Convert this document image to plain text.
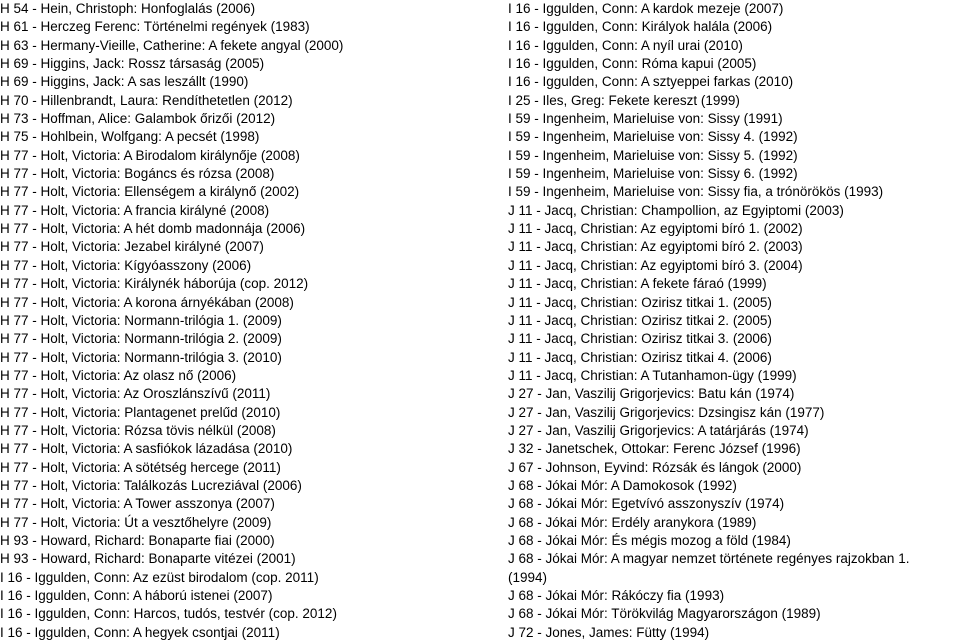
H 54 - Hein, Christoph: Honfoglalás (2006)
H 61 - Herczeg Ferenc: Történelmi regények (1983)
H 63 - Hermany-Vieille, Catherine: A fekete angyal (2000)
H 69 - Higgins, Jack: Rossz társaság (2005)
H 69 - Higgins, Jack: A sas leszállt (1990)
H 70 - Hillenbrandt, Laura: Rendíthetetlen (2012)
H 73 - Hoffman, Alice: Galambok őrizői (2012)
H 75 - Hohlbein, Wolfgang: A pecsét (1998)
H 77 - Holt, Victoria: A Birodalom királynője (2008)
H 77 - Holt, Victoria: Bogáncs és rózsa (2008)
H 77 - Holt, Victoria: Ellenségem a királynő (2002)
H 77 - Holt, Victoria: A francia királyné (2008)
H 77 - Holt, Victoria: A hét domb madonnája (2006)
H 77 - Holt, Victoria: Jezabel királyné (2007)
H 77 - Holt, Victoria: Kígyóasszony (2006)
H 77 - Holt, Victoria: Királynék háborúja (cop. 2012)
H 77 - Holt, Victoria: A korona árnyékában (2008)
H 77 - Holt, Victoria: Normann-trilógia 1. (2009)
H 77 - Holt, Victoria: Normann-trilógia 2. (2009)
H 77 - Holt, Victoria: Normann-trilógia 3. (2010)
H 77 - Holt, Victoria: Az olasz nő (2006)
H 77 - Holt, Victoria: Az Oroszlánszívű (2011)
H 77 - Holt, Victoria: Plantagenet prelűd (2010)
H 77 - Holt, Victoria: Rózsa tövis nélkül (2008)
H 77 - Holt, Victoria: A sasfiókok lázadása (2010)
H 77 - Holt, Victoria: A sötétség hercege (2011)
H 77 - Holt, Victoria: Találkozás Lucreziával (2006)
H 77 - Holt, Victoria: A Tower asszonya (2007)
H 77 - Holt, Victoria: Út a vesztőhelyre (2009)
H 93 - Howard, Richard: Bonaparte fiai (2000)
H 93 - Howard, Richard: Bonaparte vitézei (2001)
I 16 - Iggulden, Conn: Az ezüst birodalom (cop. 2011)
I 16 - Iggulden, Conn: A háború istenei (2007)
I 16 - Iggulden, Conn: Harcos, tudós, testvér (cop. 2012)
I 16 - Iggulden, Conn: A hegyek csontjai (2011)
I 16 - Iggulden, Conn: A kardok mezeje (2007)
I 16 - Iggulden, Conn: Királyok halála (2006)
I 16 - Iggulden, Conn: A nyíl urai (2010)
I 16 - Iggulden, Conn: Róma kapui (2005)
I 16 - Iggulden, Conn: A sztyeppei farkas (2010)
I 25 - Iles, Greg: Fekete kereszt (1999)
I 59 - Ingenheim, Marieluise von: Sissy (1991)
I 59 - Ingenheim, Marieluise von: Sissy 4. (1992)
I 59 - Ingenheim, Marieluise von: Sissy 5. (1992)
I 59 - Ingenheim, Marieluise von: Sissy 6. (1992)
I 59 - Ingenheim, Marieluise von: Sissy fia, a trónörökös (1993)
J 11 - Jacq, Christian: Champollion, az Egyiptomi (2003)
J 11 - Jacq, Christian: Az egyiptomi bíró 1. (2002)
J 11 - Jacq, Christian: Az egyiptomi bíró 2. (2003)
J 11 - Jacq, Christian: Az egyiptomi bíró 3. (2004)
J 11 - Jacq, Christian: A fekete fáraó (1999)
J 11 - Jacq, Christian: Ozirisz titkai 1. (2005)
J 11 - Jacq, Christian: Ozirisz titkai 2. (2005)
J 11 - Jacq, Christian: Ozirisz titkai 3. (2006)
J 11 - Jacq, Christian: Ozirisz titkai 4. (2006)
J 11 - Jacq, Christian: A Tutanhamon-ügy (1999)
J 27 - Jan, Vaszilij Grigorjevics: Batu kán (1974)
J 27 - Jan, Vaszilij Grigorjevics: Dzsingisz kán (1977)
J 27 - Jan, Vaszilij Grigorjevics: A tatárjárás (1974)
J 32 - Janetschek, Ottokar: Ferenc József (1996)
J 67 - Johnson, Eyvind: Rózsák és lángok (2000)
J 68 - Jókai Mór: A Damokosok (1992)
J 68 - Jókai Mór: Egetvívó asszonyszív (1974)
J 68 - Jókai Mór: Erdély aranykora (1989)
J 68 - Jókai Mór: És mégis mozog a föld (1984)
J 68 - Jókai Mór: A magyar nemzet története regényes rajzokban 1.
(1994)
J 68 - Jókai Mór: Rákóczy fia (1993)
J 68 - Jókai Mór: Törökvilág Magyarországon (1989)
J 72 - Jones, James: Fütty (1994)
